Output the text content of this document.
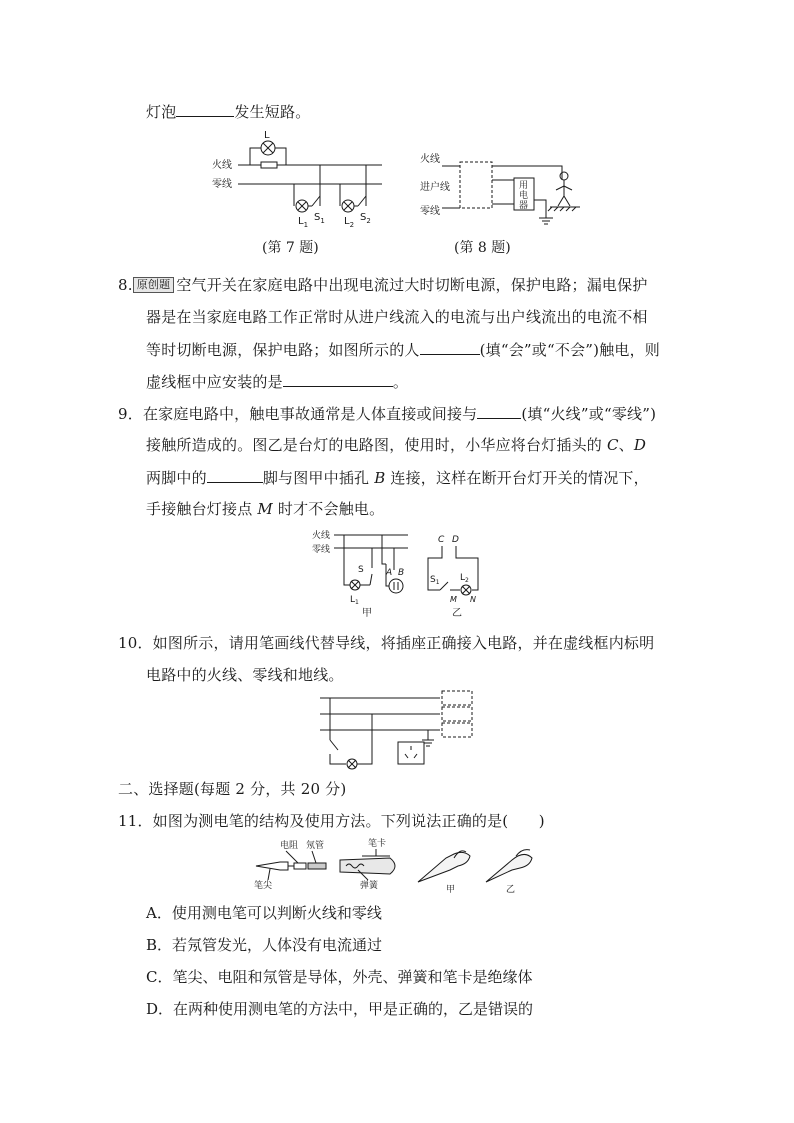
灯泡	发生短路。
火线
零线
L
$L_1$
$S_1$ $L_2$
$S_2$
(第 7 题)
火线
进户线
零线
用
电
器
(第 8 题)
8. 原创题 空气开关在家庭电路中出现电流过大时切断电源，保护电路；漏电保护
器是在当家庭电路工作正常时从进户线流入的电流与出户线流出的电流不相
等时切断电源，保护电路；如图所示的人	(填“会”或“不会”)触电，则
虚线框中应安装的是	。
9．在家庭电路中，触电事故通常是人体直接或间接与	(填“火线”或“零线”)
接触所造成的。图乙是台灯的电路图，使用时，小华应将台灯插头的 C、D
两脚中的	脚与图甲中插孔 B 连接，这样在断开台灯开关的情况下，
手接触台灯接点 M 时才不会触电。
火线
零线
$L_1$
S A B
甲
C D
$S_1$ $L_2$
M N
乙
10．如图所示，请用笔画线代替导线，将插座正确接入电路，并在虚线框内标明
电路中的火线、零线和地线。
二、选择题(每题 2 分，共 20 分)
11．如图为测电笔的结构及使用方法。下列说法正确的是(　　)
电阻 氖管	笔卡
笔尖	弹簧	甲	乙
A．使用测电笔可以判断火线和零线
B．若氖管发光，人体没有电流通过
C．笔尖、电阻和氖管是导体，外壳、弹簧和笔卡是绝缘体
D．在两种使用测电笔的方法中，甲是正确的，乙是错误的
